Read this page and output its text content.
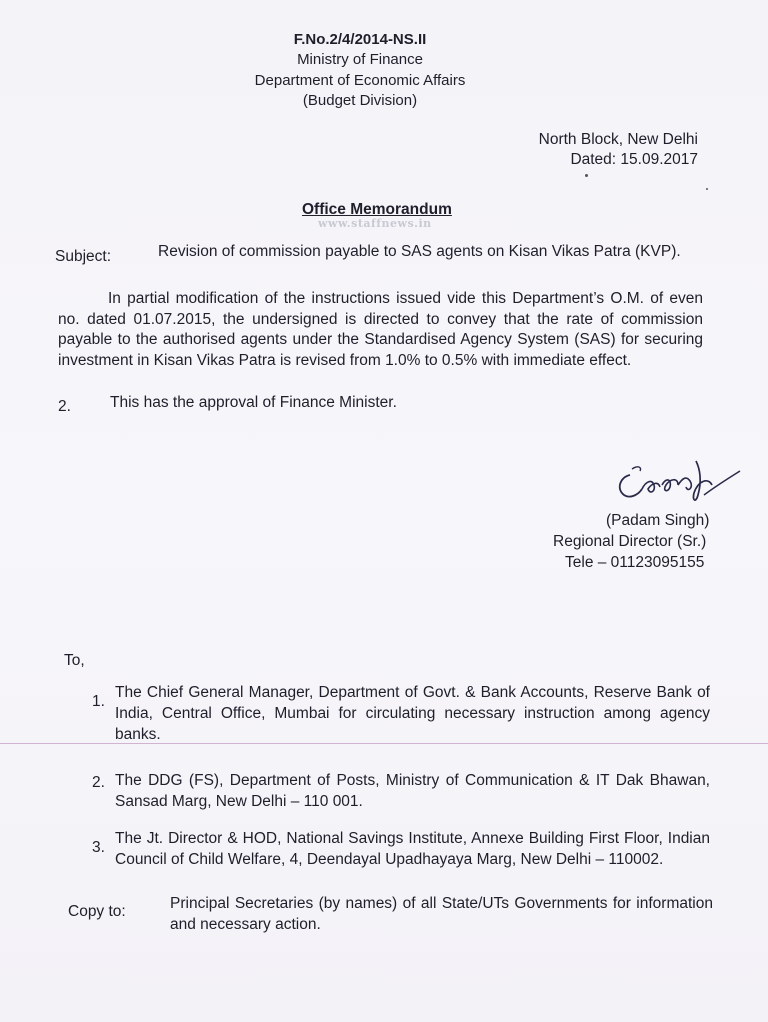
F.No.2/4/2014-NS.II
Ministry of Finance
Department of Economic Affairs
(Budget Division)
North Block, New Delhi
Dated: 15.09.2017
Office Memorandum
www.staffnews.in
Subject:	Revision of commission payable to SAS agents on Kisan Vikas Patra (KVP).
In partial modification of the instructions issued vide this Department’s O.M. of even no. dated 01.07.2015, the undersigned is directed to convey that the rate of commission payable to the authorised agents under the Standardised Agency System (SAS) for securing investment in Kisan Vikas Patra is revised from 1.0% to 0.5% with immediate effect.
2.	This has the approval of Finance Minister.
(Padam Singh)
Regional Director (Sr.)
Tele – 01123095155
To,
1.
The Chief General Manager, Department of Govt. & Bank Accounts, Reserve Bank of India, Central Office, Mumbai for circulating necessary instruction among agency banks.
2. The DDG (FS), Department of Posts, Ministry of Communication & IT Dak Bhawan, Sansad Marg, New Delhi – 110 001.
3.
The Jt. Director & HOD, National Savings Institute, Annexe Building First Floor, Indian Council of Child Welfare, 4, Deendayal Upadhayaya Marg, New Delhi – 110002.
Copy to:	Principal Secretaries (by names) of all State/UTs Governments for information and necessary action.
